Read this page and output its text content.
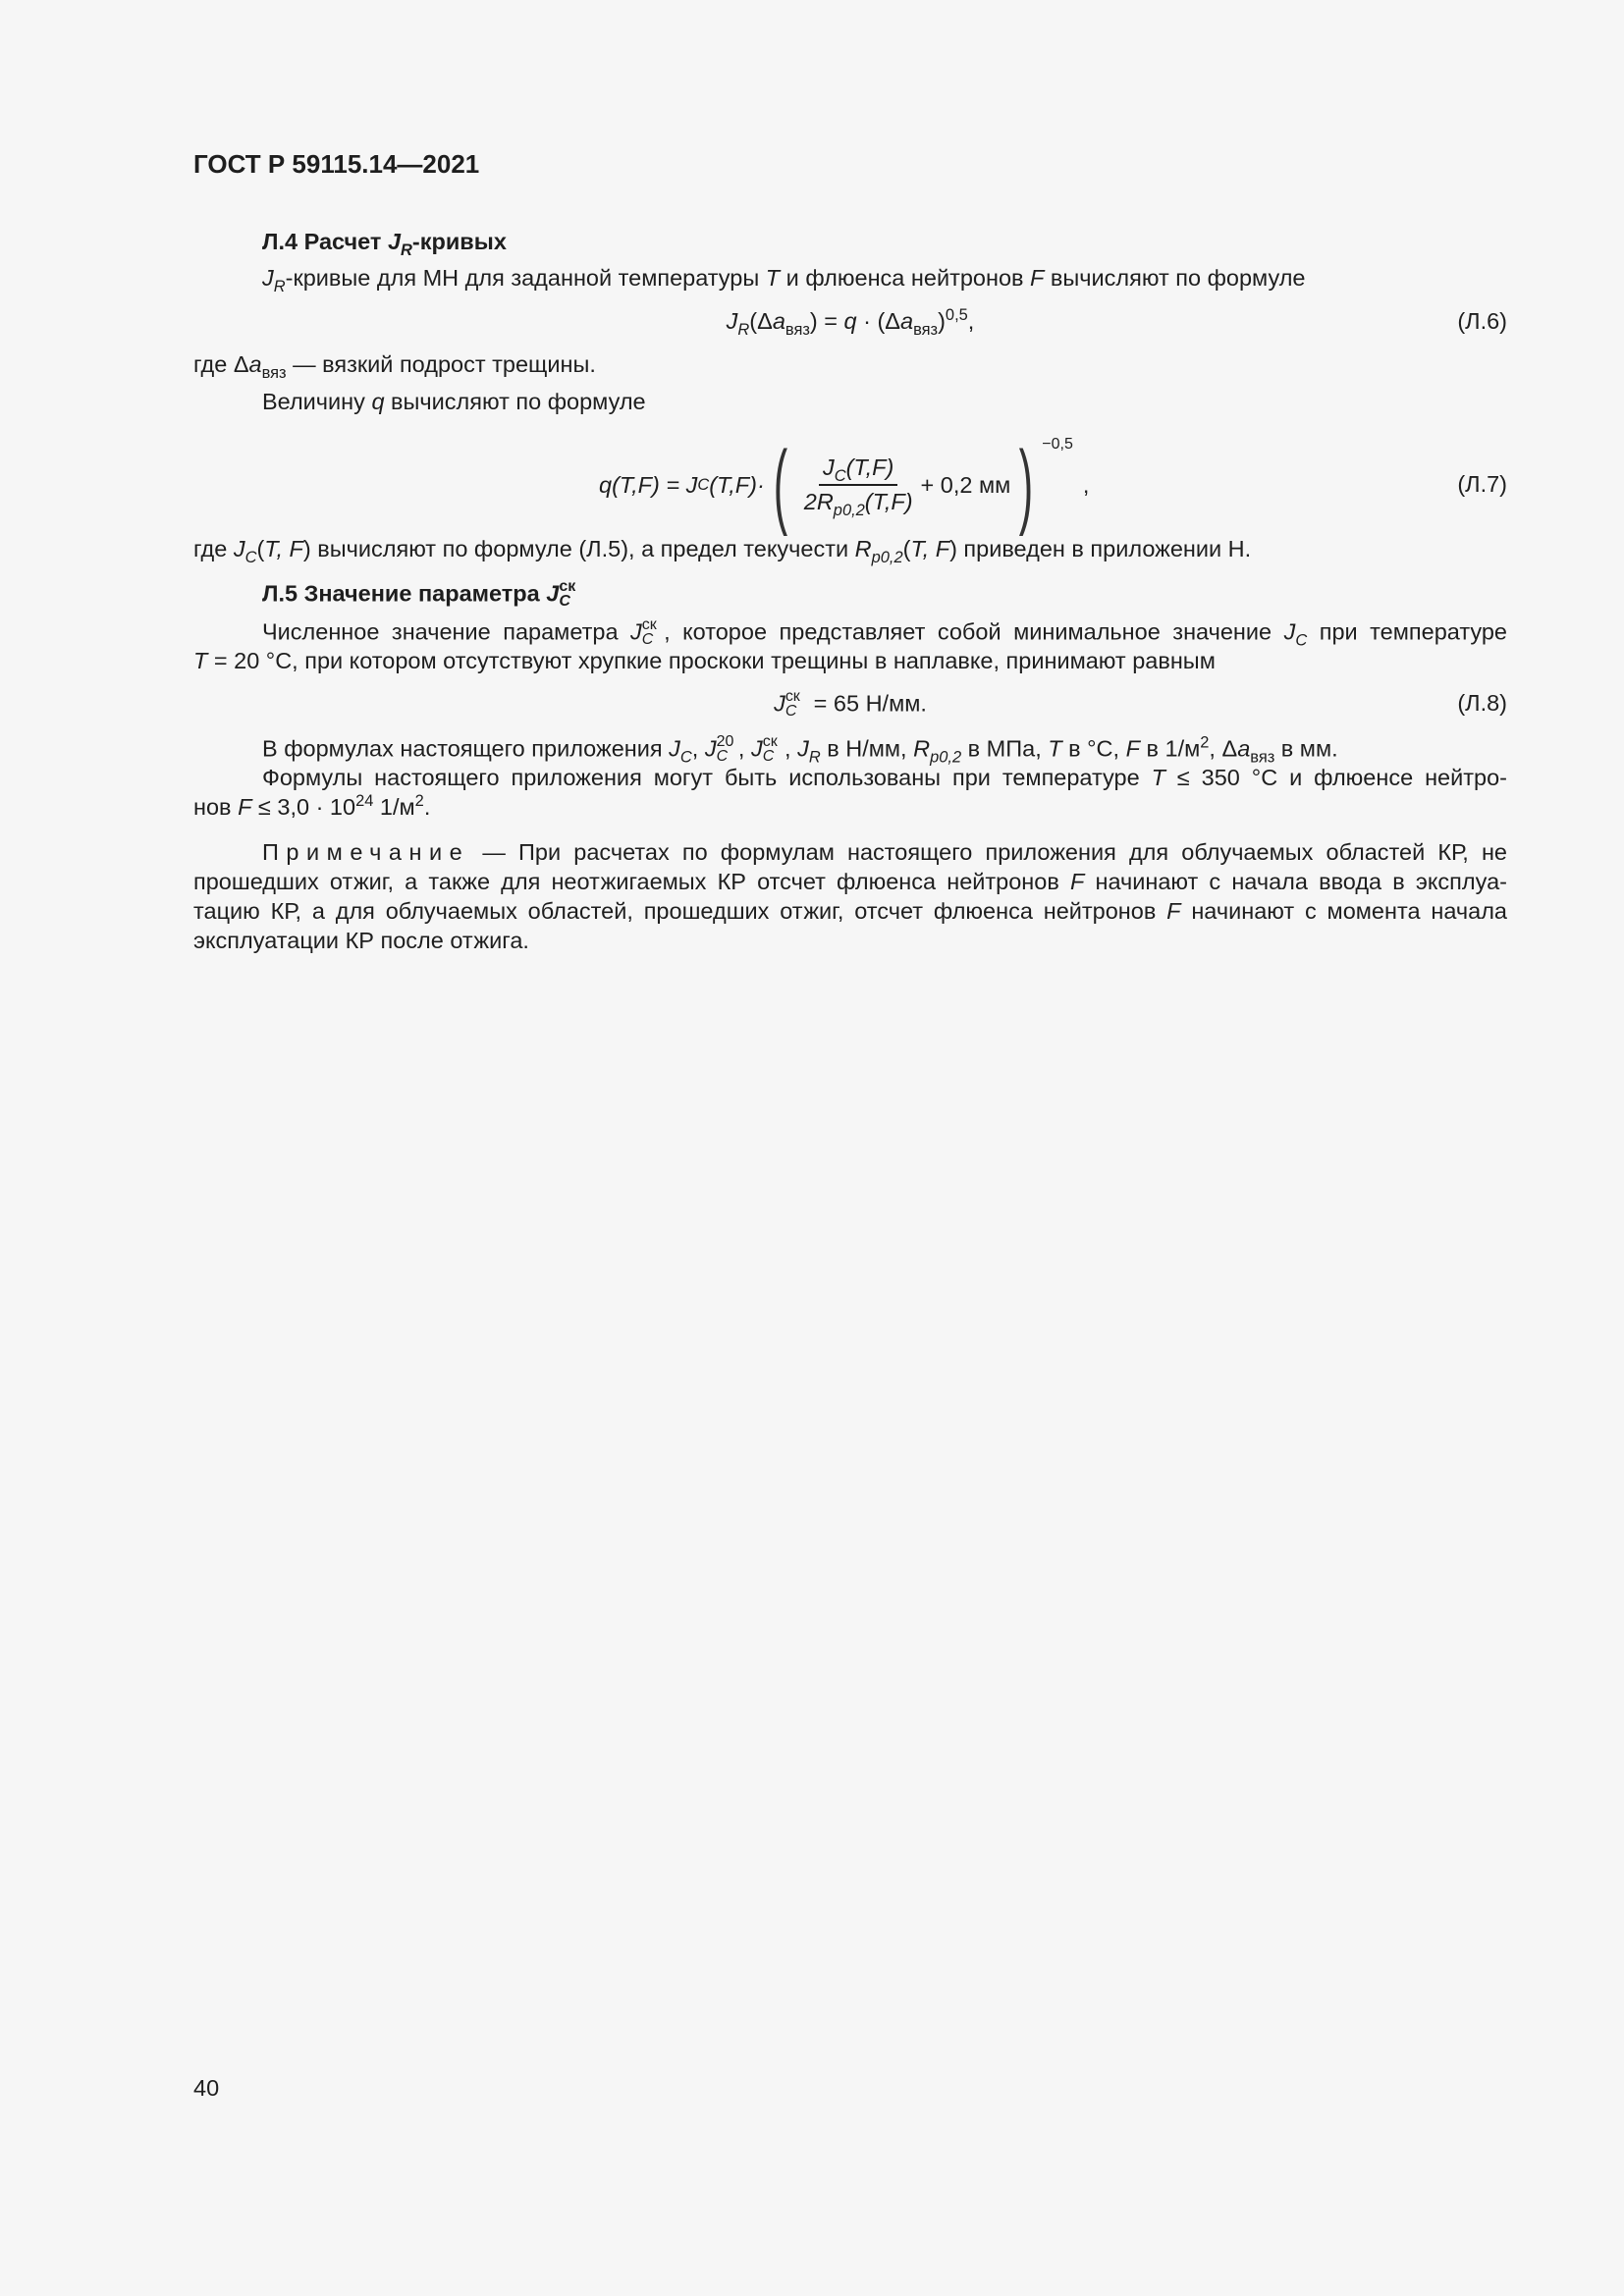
ГОСТ Р 59115.14—2021
Л.4 Расчет $J_R$-кривых
$J_R$-кривые для МН для заданной температуры T и флюенса нейтронов F вычисляют по формуле
$J_R(\Delta a_{вяз}) = q \cdot (\Delta a_{вяз})^{0,5}$,	(Л.6)
где $\Delta a_{вяз}$ — вязкий подрост трещины.
Величину q вычисляют по формуле
q(T,F) = J C (T,F)· ( $\frac{J_C(T,F)}{2R_{p0,2}(T,F)} + 0,2$ мм ) −0,5
,	(Л.7)
где $J_C(T$, F) вычисляют по формуле (Л.5), а предел текучести $R_{p0,2}(T$, F) приведен в приложении Н.
Л.5 Значение параметра J ск
C
Численное значение параметра J ск
C , которое представляет собой минимальное значение $J_C$ при температуре
T = 20 °С, при котором отсутствуют хрупкие проскоки трещины в наплавке, принимают равным
J ск
C = 65 Н/мм.	(Л.8)
В формулах настоящего приложения $J_C$, J 20
C , J ск
C , $J_R$ в Н/мм, $R_{p0,2}$ в МПа, T в °С, F в $1/м^2$, $\Delta a_{вяз}$ в мм.
Формулы настоящего приложения могут быть использованы при температуре T ≤ 350 °С и флюенсе нейтро-
нов $F \le 3,0 \cdot 10^{24}$ $1/м^2$.
Примечание — При расчетах по формулам настоящего приложения для облучаемых областей КР, не
прошедших отжиг, а также для неотжигаемых КР отсчет флюенса нейтронов F начинают с начала ввода в эксплуа-
тацию КР, а для облучаемых областей, прошедших отжиг, отсчет флюенса нейтронов F начинают с момента начала
эксплуатации КР после отжига.
40
